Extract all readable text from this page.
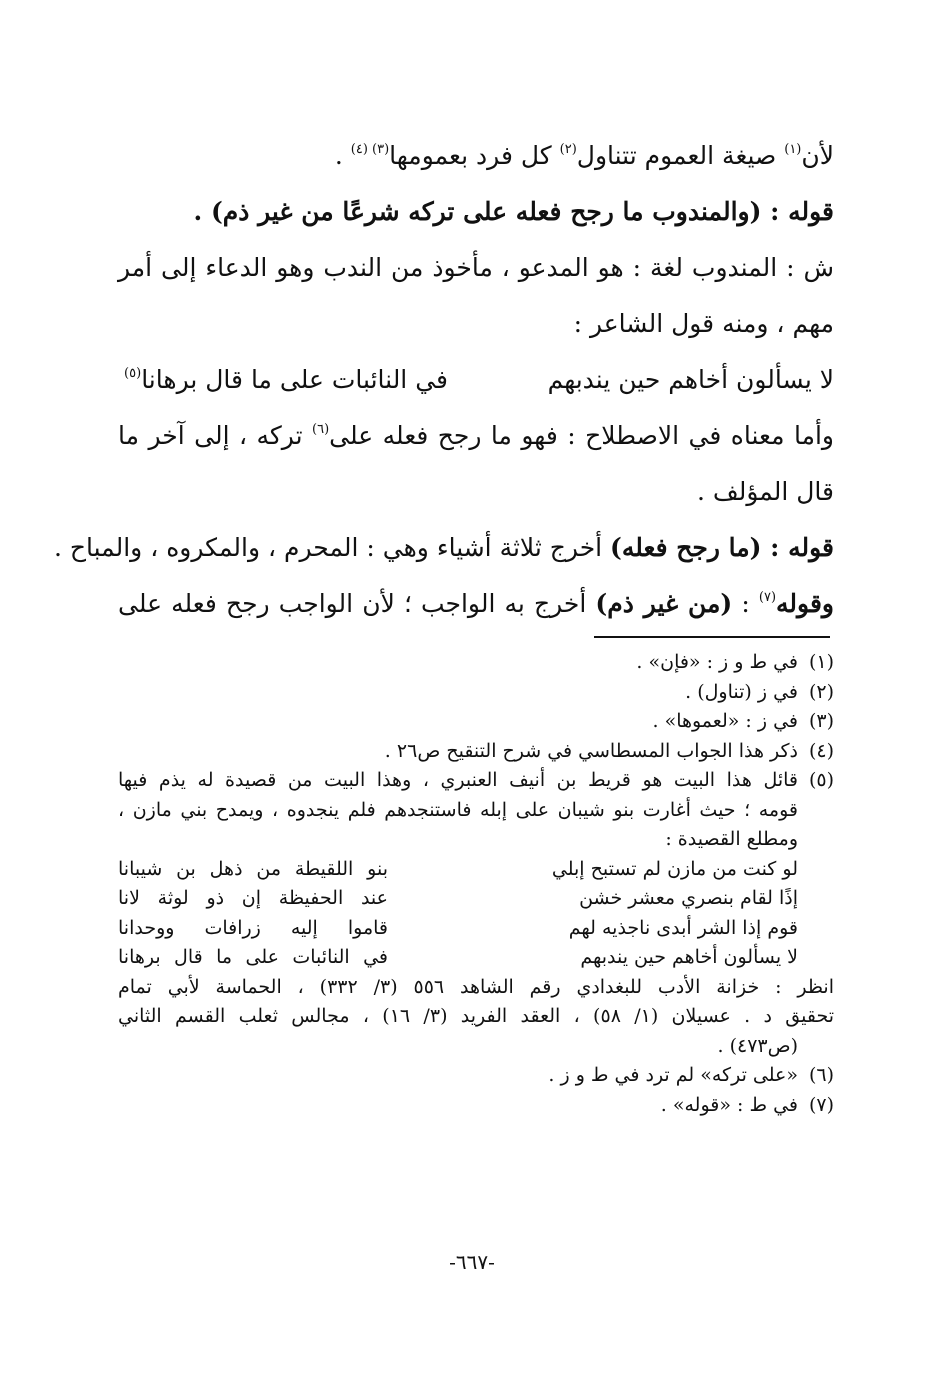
لأن$^{(١)}$ صيغة العموم تتناول$^{(٢)}$ كل فرد بعمومها$^{(٣) (٤)}$ .
قوله : (والمندوب ما رجح فعله على تركه شرعًا من غير ذم) .
ش : المندوب لغة : هو المدعو ، مأخوذ من الندب وهو الدعاء إلى أمر
مهم ، ومنه قول الشاعر :
لا يسألون أخاهم حين يندبهم
في النائبات على ما قال برهانا$^{(٥)}$
وأما معناه في الاصطلاح : فهو ما رجح فعله على$^{(٦)}$ تركه ، إلى آخر ما
قال المؤلف .
قوله : (ما رجح فعله) أخرج ثلاثة أشياء وهي : المحرم ، والمكروه ، والمباح .
وقوله$^{(٧)}$ : (من غير ذم) أخرج به الواجب ؛ لأن الواجب رجح فعله على
(١)
في ط و ز : «فإن» .
(٢)
في ز (تناول) .
(٣)
في ز : «لعموها» .
(٤)
ذكر هذا الجواب المسطاسي في شرح التنقيح ص٢٦ .
(٥)
قائل هذا البيت هو قريط بن أنيف العنبري ، وهذا البيت من قصيدة له يذم فيها
قومه ؛ حيث أغارت بنو شيبان على إبله فاستنجدهم فلم ينجدوه ، ويمدح بني مازن ،
ومطلع القصيدة :
لو كنت من مازن لم تستبح إبلي
بنو اللقيطة من ذهل بن شيبانا
إذًا لقام بنصري معشر خشن
عند الحفيظة إن ذو لوثة لانا
قوم إذا الشر أبدى ناجذيه لهم
قاموا إليه زرافات ووحدانا
لا يسألون أخاهم حين يندبهم
في النائبات على ما قال برهانا
انظر : خزانة الأدب للبغدادي رقم الشاهد ٥٥٦ (٣/ ٣٣٢) ، الحماسة لأبي تمام
تحقيق د . عسيلان (١/ ٥٨) ، العقد الفريد (٣/ ١٦) ، مجالس ثعلب القسم الثاني
(ص٤٧٣) .
(٦)
«على تركه» لم ترد في ط و ز .
(٧)
في ط : «قوله» .
-٦٦٧-
